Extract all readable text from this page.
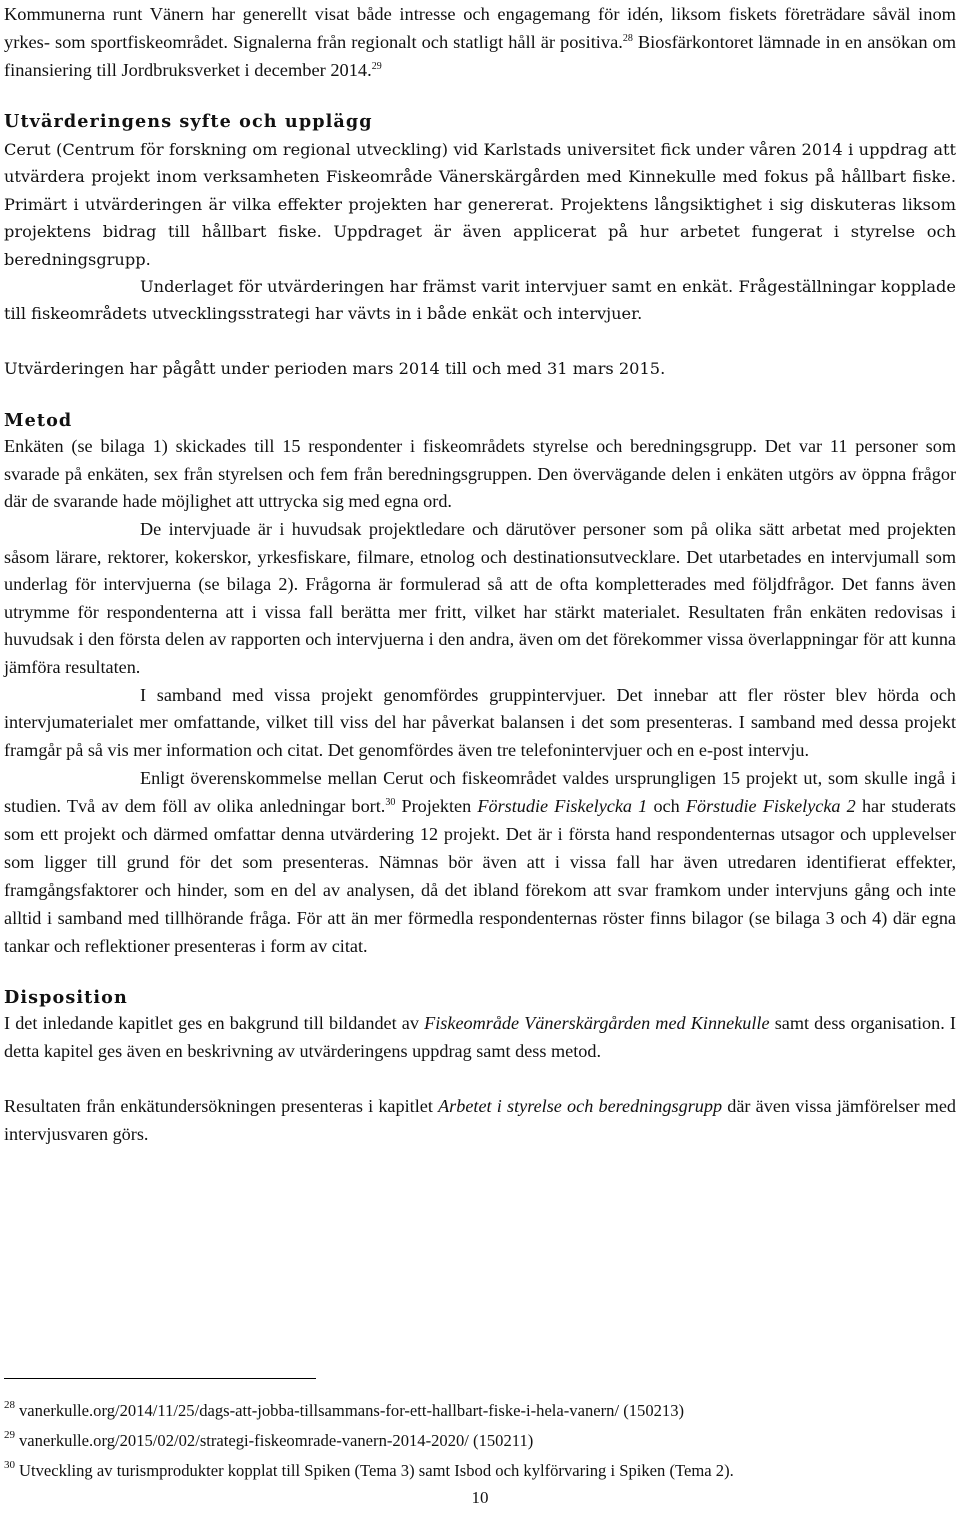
Kommunerna runt Vänern har generellt visat både intresse och engagemang för idén, liksom fiskets företrädare såväl inom yrkes- som sportfiskeområdet. Signalerna från regionalt och statligt håll är positiva.$^{28}$ Biosfärkontoret lämnade in en ansökan om finansiering till Jordbruksverket i december 2014.29

Utvärderingens syfte och upplägg

Cerut (Centrum för forskning om regional utveckling) vid Karlstads universitet fick under våren 2014 i uppdrag att utvärdera projekt inom verksamheten Fiskeområde Vänerskärgården med Kinnekulle med fokus på hållbart fiske. Primärt i utvärderingen är vilka effekter projekten har genererat. Projektens långsiktighet i sig diskuteras liksom projektens bidrag till hållbart fiske. Uppdraget är även applicerat på hur arbetet fungerat i styrelse och beredningsgrupp.

Underlaget för utvärderingen har främst varit intervjuer samt en enkät. Frågeställningar kopplade till fiskeområdets utvecklingsstrategi har vävts in i både enkät och intervjuer.

Utvärderingen har pågått under perioden mars 2014 till och med 31 mars 2015.

Metod

Enkäten (se bilaga 1) skickades till 15 respondenter i fiskeområdets styrelse och beredningsgrupp. Det var 11 personer som svarade på enkäten, sex från styrelsen och fem från beredningsgruppen. Den övervägande delen i enkäten utgörs av öppna frågor där de svarande hade möjlighet att uttrycka sig med egna ord.

De intervjuade är i huvudsak projektledare och därutöver personer som på olika sätt arbetat med projekten såsom lärare, rektorer, kokerskor, yrkesfiskare, filmare, etnolog och destinationsutvecklare. Det utarbetades en intervjumall som underlag för intervjuerna (se bilaga 2). Frågorna är formulerad så att de ofta kompletterades med följdfrågor. Det fanns även utrymme för respondenterna att i vissa fall berätta mer fritt, vilket har stärkt materialet. Resultaten från enkäten redovisas i huvudsak i den första delen av rapporten och intervjuerna i den andra, även om det förekommer vissa överlappningar för att kunna jämföra resultaten.

I samband med vissa projekt genomfördes gruppintervjuer. Det innebar att fler röster blev hörda och intervjumaterialet mer omfattande, vilket till viss del har påverkat balansen i det som presenteras. I samband med dessa projekt framgår på så vis mer information och citat. Det genomfördes även tre telefonintervjuer och en e-post intervju.

Enligt överenskommelse mellan Cerut och fiskeområdet valdes ursprungligen 15 projekt ut, som skulle ingå i studien. Två av dem föll av olika anledningar bort.$^{30}$ Projekten Förstudie Fiskelycka 1 och Förstudie Fiskelycka 2 har studerats som ett projekt och därmed omfattar denna utvärdering 12 projekt. Det är i första hand respondenternas utsagor och upplevelser som ligger till grund för det som presenteras. Nämnas bör även att i vissa fall har även utredaren identifierat effekter, framgångsfaktorer och hinder, som en del av analysen, då det ibland förekom att svar framkom under intervjuns gång och inte alltid i samband med tillhörande fråga. För att än mer förmedla respondenternas röster finns bilagor (se bilaga 3 och 4) där egna tankar och reflektioner presenteras i form av citat.

Disposition

I det inledande kapitlet ges en bakgrund till bildandet av Fiskeområde Vänerskärgården med Kinnekulle samt dess organisation. I detta kapitel ges även en beskrivning av utvärderingens uppdrag samt dess metod.

Resultaten från enkätundersökningen presenteras i kapitlet Arbetet i styrelse och beredningsgrupp där även vissa jämförelser med intervjusvaren görs.

$^{28}$ vanerkulle.org/2014/11/25/dags-att-jobba-tillsammans-for-ett-hallbart-fiske-i-hela-vanern/ (150213)
$^{29}$ vanerkulle.org/2015/02/02/strategi-fiskeomrade-vanern-2014-2020/ (150211)
$^{30}$ Utveckling av turismprodukter kopplat till Spiken (Tema 3) samt Isbod och kylförvaring i Spiken (Tema 2).
10
